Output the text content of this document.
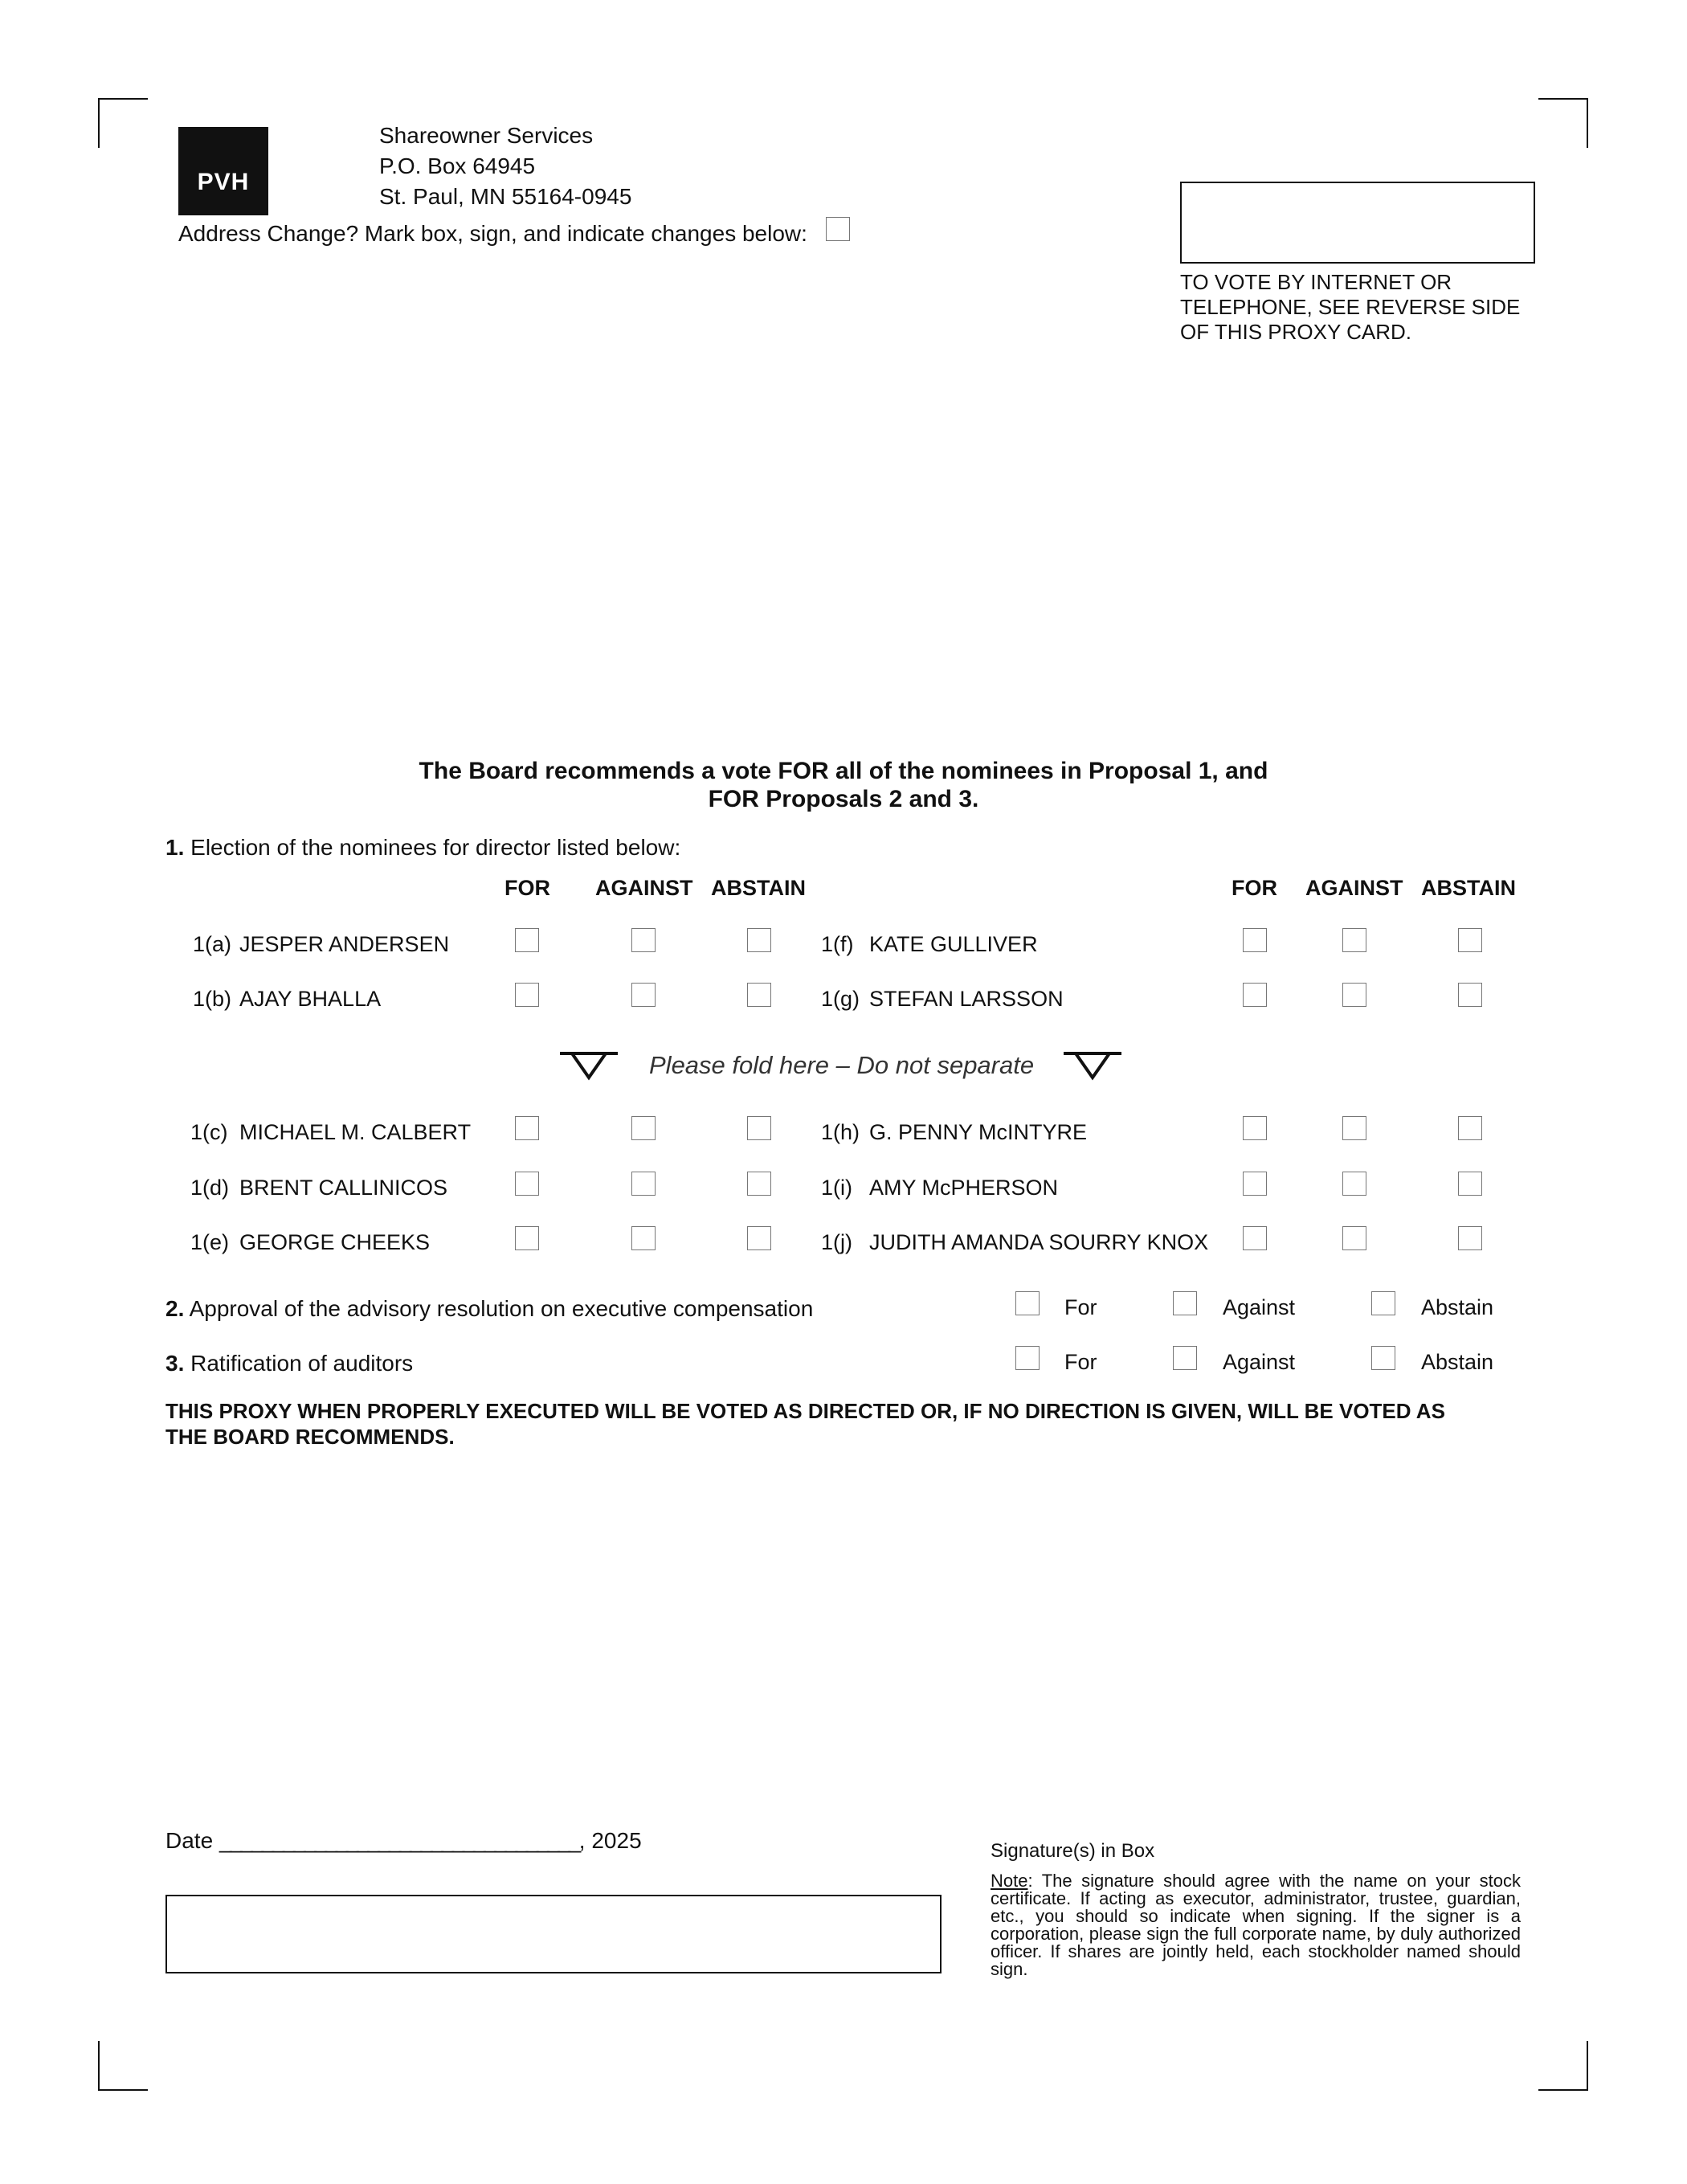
PVH
Shareowner Services
P.O. Box 64945
St. Paul, MN 55164-0945
Address Change? Mark box, sign, and indicate changes below:
TO VOTE BY INTERNET OR
TELEPHONE, SEE REVERSE SIDE
OF THIS PROXY CARD.
The Board recommends a vote FOR all of the nominees in Proposal 1, and
FOR Proposals 2 and 3.
1. Election of the nominees for director listed below:
FOR AGAINST ABSTAIN	FOR AGAINST ABSTAIN
1(a) JESPER ANDERSEN
1(b) AJAY BHALLA
1(c) MICHAEL M. CALBERT
1(d) BRENT CALLINICOS
1(e) GEORGE CHEEKS
1(f) KATE GULLIVER
1(g) STEFAN LARSSON
1(h) G. PENNY McINTYRE
1(i) AMY McPHERSON
1(j) JUDITH AMANDA SOURRY KNOX
Please fold here – Do not separate
2. Approval of the advisory resolution on executive compensation	For	Against	Abstain
3. Ratification of auditors	For	Against	Abstain
THIS PROXY WHEN PROPERLY EXECUTED WILL BE VOTED AS DIRECTED OR, IF NO DIRECTION IS GIVEN, WILL BE VOTED AS
THE BOARD RECOMMENDS.
Date __________________________________, 2025	Signature(s) in Box
Note: The signature should agree with the name on your stock certificate. If acting as executor, administrator, trustee, guardian, etc., you should so indicate when signing. If the signer is a corporation, please sign the full corporate name, by duly authorized officer. If shares are jointly held, each stockholder named should sign.
